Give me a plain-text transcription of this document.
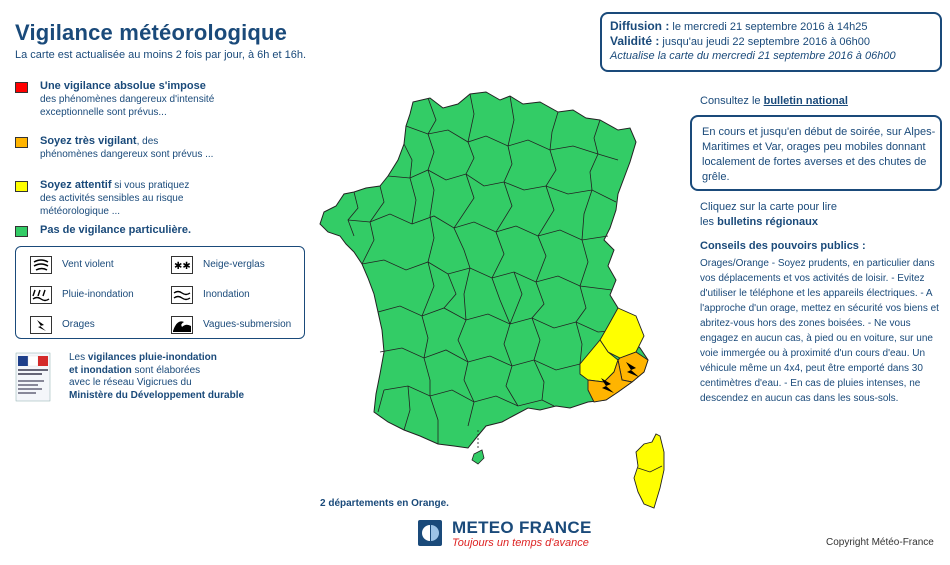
Vigilance météorologique
La carte est actualisée au moins 2 fois par jour, à 6h et 16h.
Une vigilance absolue s'impose
des phénomènes dangereux d'intensité exceptionnelle sont prévus...
Soyez très vigilant, des
phénomènes dangereux sont prévus ...
Soyez attentif si vous pratiquez
des activités sensibles au risque météorologique ...
Pas de vigilance particulière.
Vent violent	✱✱ Neige-verglas
Pluie-inondation	Inondation
Orages	Vagues-submersion
Les vigilances pluie-inondation
et inondation sont élaborées
avec le réseau Vigicrues du
Ministère du Développement durable
Diffusion : le mercredi 21 septembre 2016 à 14h25
Validité : jusqu'au jeudi 22 septembre 2016 à 06h00
Actualise la carte du mercredi 21 septembre 2016 à 06h00
Consultez le bulletin national
En cours et jusqu'en début de soirée, sur Alpes-Maritimes et Var, orages peu mobiles donnant localement de fortes averses et des chutes de grêle.
Cliquez sur la carte pour lire
les bulletins régionaux
Conseils des pouvoirs publics :
Orages/Orange - Soyez prudents, en particulier dans vos déplacements et vos activités de loisir. - Evitez d'utiliser le téléphone et les appareils électriques. - A l'approche d'un orage, mettez en sécurité vos biens et abritez-vous hors des zones boisées. - Ne vous engagez en aucun cas, à pied ou en voiture, sur une voie immergée ou à proximité d'un cours d'eau. Un véhicule même un 4x4, peut être emporté dans 30 centimètres d'eau. - En cas de pluies intenses, ne descendez en aucun cas dans les sous-sols.
2 départements en Orange.
METEO FRANCE
Toujours un temps d'avance	Copyright Météo-France
